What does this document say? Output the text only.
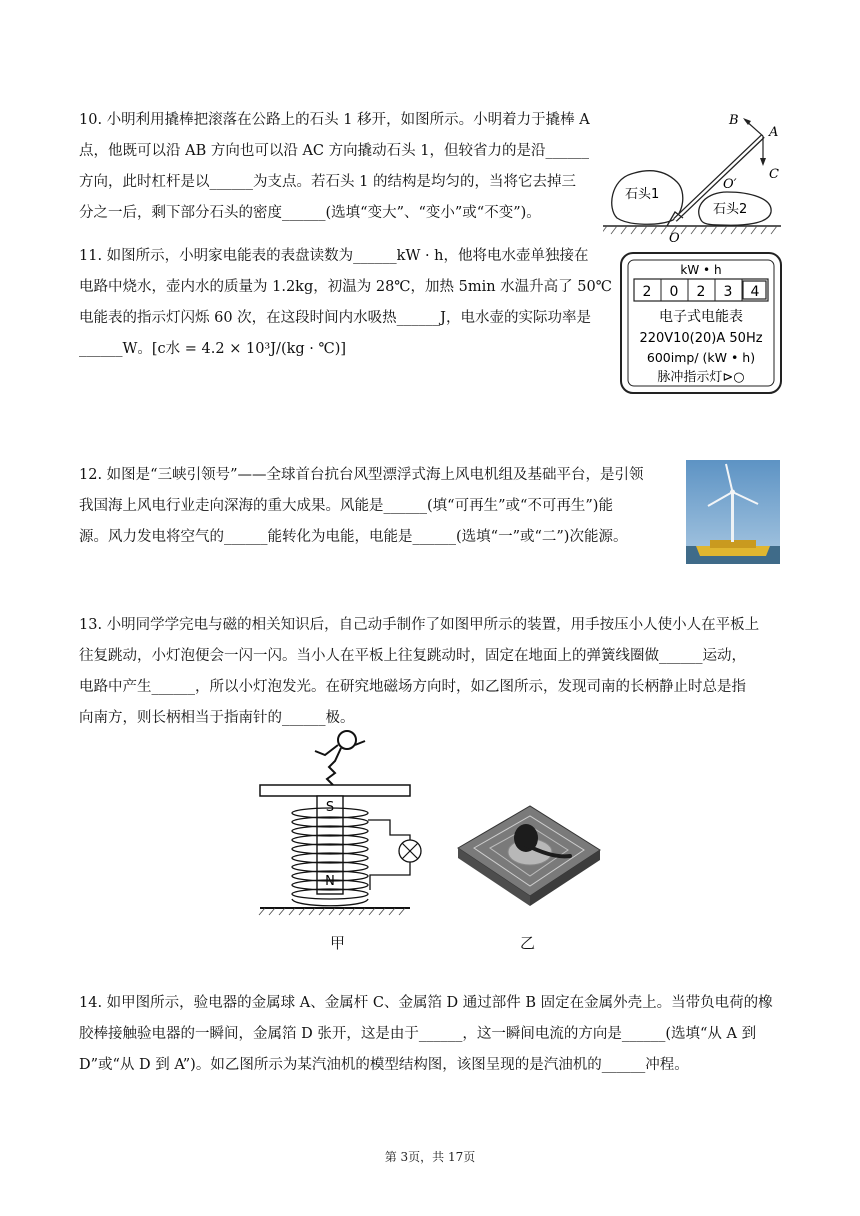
10. 小明利用撬棒把滚落在公路上的石头 1 移开，如图所示。小明着力于撬棒 A

点，他既可以沿 AB 方向也可以沿 AC 方向撬动石头 1，但较省力的是沿______

方向，此时杠杆是以______为支点。若石头 1 的结构是均匀的，当将它去掉三

分之一后，剩下部分石头的密度______(选填“变大”、“变小”或“不变”)。

石头1
石头2
B
A
C
O′
O

11. 如图所示，小明家电能表的表盘读数为______kW · h，他将电水壶单独接在

电路中烧水，壶内水的质量为 1.2kg，初温为 28℃，加热 5min 水温升高了 50℃

电能表的指示灯闪烁 60 次，在这段时间内水吸热______J，电水壶的实际功率是

______W。[c水 = 4.2 × 10³J/(kg · ℃)]

kW • h
2 0 2 3 4
电子式电能表
220V10(20)A 50Hz
600imp/ (kW • h)
脉冲指示灯⊳○

12. 如图是“三峡引领号”——全球首台抗台风型漂浮式海上风电机组及基础平台，是引领

我国海上风电行业走向深海的重大成果。风能是______(填“可再生”或“不可再生”)能

源。风力发电将空气的______能转化为电能，电能是______(选填“一”或“二”)次能源。

13. 小明同学学完电与磁的相关知识后，自己动手制作了如图甲所示的装置，用手按压小人使小人在平板上

往复跳动，小灯泡便会一闪一闪。当小人在平板上往复跳动时，固定在地面上的弹簧线圈做______运动，

电路中产生______，所以小灯泡发光。在研究地磁场方向时，如乙图所示，发现司南的长柄静止时总是指

向南方，则长柄相当于指南针的______极。

S
N
甲	乙

14. 如甲图所示，验电器的金属球 A、金属杆 C、金属箔 D 通过部件 B 固定在金属外壳上。当带负电荷的橡

胶棒接触验电器的一瞬间，金属箔 D 张开，这是由于______，这一瞬间电流的方向是______(选填“从 A 到

D”或“从 D 到 A”)。如乙图所示为某汽油机的模型结构图，该图呈现的是汽油机的______冲程。

第 3页，共 17页
